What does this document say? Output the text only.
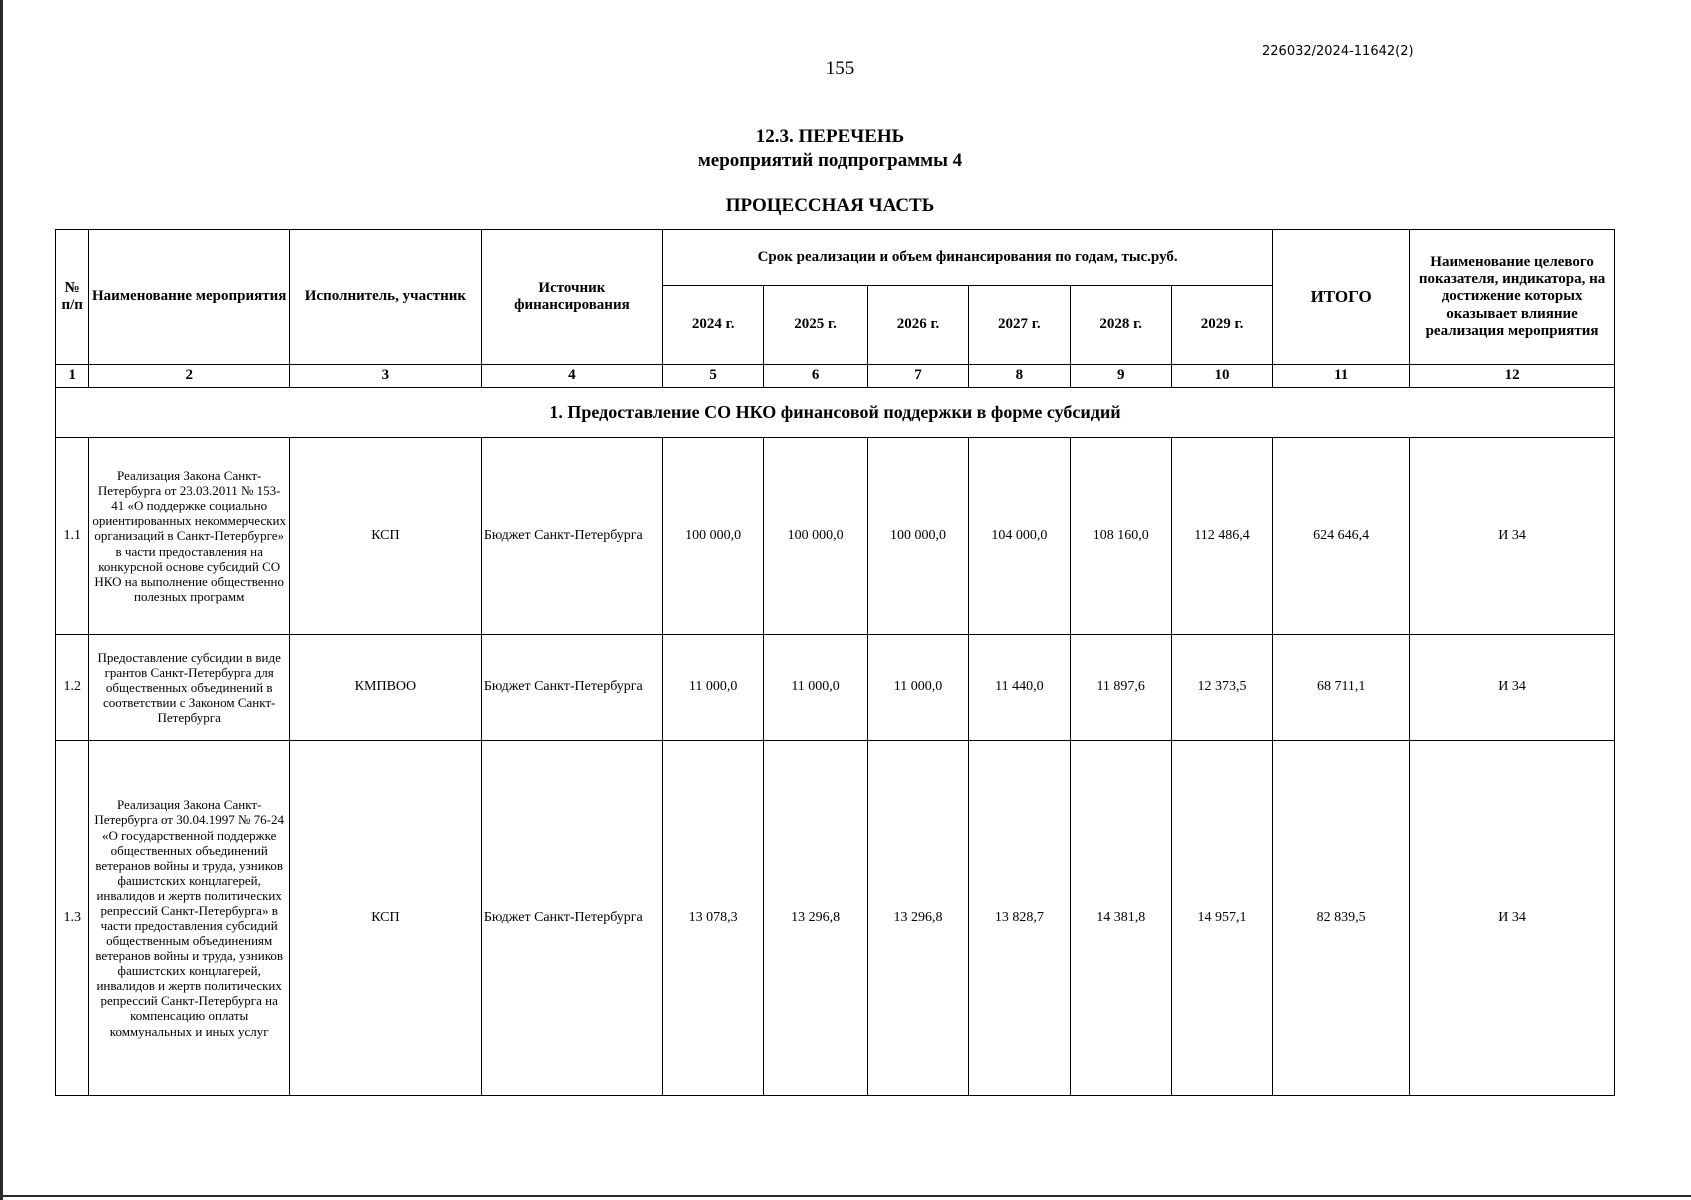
155
226032/2024-11642(2)
12.3. ПЕРЕЧЕНЬ
мероприятий подпрограммы 4
ПРОЦЕССНАЯ ЧАСТЬ
№ п/п	Наименование мероприятия	Исполнитель, участник	Источник финансирования	Срок реализации и объем финансирования по годам, тыс.руб.						ИТОГО	Наименование целевого показателя, индикатора, на достижение которых оказывает влияние реализация мероприятия
				2024 г.	2025 г.	2026 г.	2027 г.	2028 г.	2029 г.		
1	2	3	4	5	6	7	8	9	10	11	12
1. Предоставление СО НКО финансовой поддержки в форме субсидий											
1.1	Реализация Закона Санкт-Петербурга от 23.03.2011 № 153-41 «О поддержке социально ориентированных некоммерческих организаций в Санкт-Петербурге» в части предоставления на конкурсной основе субсидий СО НКО на выполнение общественно полезных программ	КСП	Бюджет Санкт-Петербурга	100 000,0	100 000,0	100 000,0	104 000,0	108 160,0	112 486,4	624 646,4	И 34
1.2	Предоставление субсидии в виде грантов Санкт-Петербурга для общественных объединений в соответствии с Законом Санкт-Петербурга	КМПВОО	Бюджет Санкт-Петербурга	11 000,0	11 000,0	11 000,0	11 440,0	11 897,6	12 373,5	68 711,1	И 34
1.3	Реализация Закона Санкт-Петербурга от 30.04.1997 № 76-24 «О государственной поддержке общественных объединений ветеранов войны и труда, узников фашистских концлагерей, инвалидов и жертв политических репрессий Санкт-Петербурга» в части предоставления субсидий общественным объединениям ветеранов войны и труда, узников фашистских концлагерей, инвалидов и жертв политических репрессий Санкт-Петербурга на компенсацию оплаты коммунальных и иных услуг	КСП	Бюджет Санкт-Петербурга	13 078,3	13 296,8	13 296,8	13 828,7	14 381,8	14 957,1	82 839,5	И 34
